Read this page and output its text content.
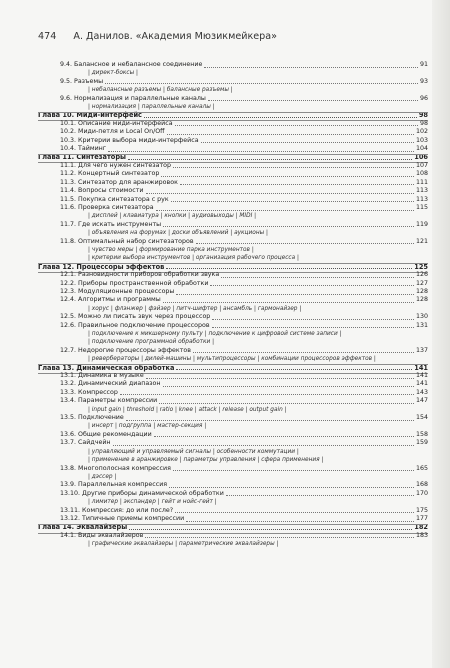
474 А. Данилов. «Академия Мюзикмейкера»
9.4. Балансное и небалансное соединение	91
| директ-боксы |
9.5. Разъемы	93
| небалансные разъемы | балансные разъемы |
9.6. Нормализация и параллельные каналы	96
| нормализация | параллельные каналы |
Глава 10. Миди-интерфейс	98
10.1. Описание миди-интерфейса	98
10.2. Миди-петля и Local On/Off	102
10.3. Критерии выбора миди-интерфейса	103
10.4. Тайминг	104
Глава 11. Синтезаторы	106
11.1. Для чего нужен синтезатор	107
11.2. Концертный синтезатор	108
11.3. Синтезатор для аранжировок	111
11.4. Вопросы стоимости	113
11.5. Покупка синтезатора с рук	113
11.6. Проверка синтезатора	115
| дисплей | клавиатура | кнопки | аудиовыходы | MIDI |
11.7. Где искать инструменты	119
| объявления на форумах | доски объявлений | аукционы |
11.8. Оптимальный набор синтезаторов	121
| чувство меры | формирование парка инструментов |
| критерии выбора инструментов | организация рабочего процесса |
Глава 12. Процессоры эффектов	125
12.1. Разновидности приборов обработки звука	126
12.2. Приборы пространственной обработки	127
12.3. Модуляционные процессоры	128
12.4. Алгоритмы и программы	128
| хорус | флэнжер | фэйзер | питч-шифтер | ансамбль | гармонайзер |
12.5. Можно ли писать звук через процессор	130
12.6. Правильное подключение процессоров	131
| подключение к микшерному пульту | подключение к цифровой системе записи |
| подключение программной обработки |
12.7. Недорогие процессоры эффектов	137
| ревербераторы | дилей-машины | мультипроцессоры | комбинации процессоров эффектов |
Глава 13. Динамическая обработка	141
13.1. Динамика в музыке	141
13.2. Динамический диапазон	141
13.3. Компрессор	143
13.4. Параметры компрессии	147
| input gain | threshold | ratio | knee | attack | release | output gain |
13.5. Подключение	154
| инсерт | подгруппа | мастер-секция |
13.6. Общие рекомендации	158
13.7. Сайдчейн	159
| управляющий и управляемый сигналы | особенности коммутации |
| применение в аранжировке | параметры управления | сфера применения |
13.8. Многополосная компрессия	165
| дэссер |
13.9. Параллельная компрессия	168
13.10. Другие приборы динамической обработки	170
| лимитер | экспандер | гейт и нойс-гейт |
13.11. Компрессия: до или после?	175
13.12. Типичные приемы компрессии	177
Глава 14. Эквалайзеры	182
14.1. Виды эквалайзеров	183
| графические эквалайзеры | параметрические эквалайзеры |
